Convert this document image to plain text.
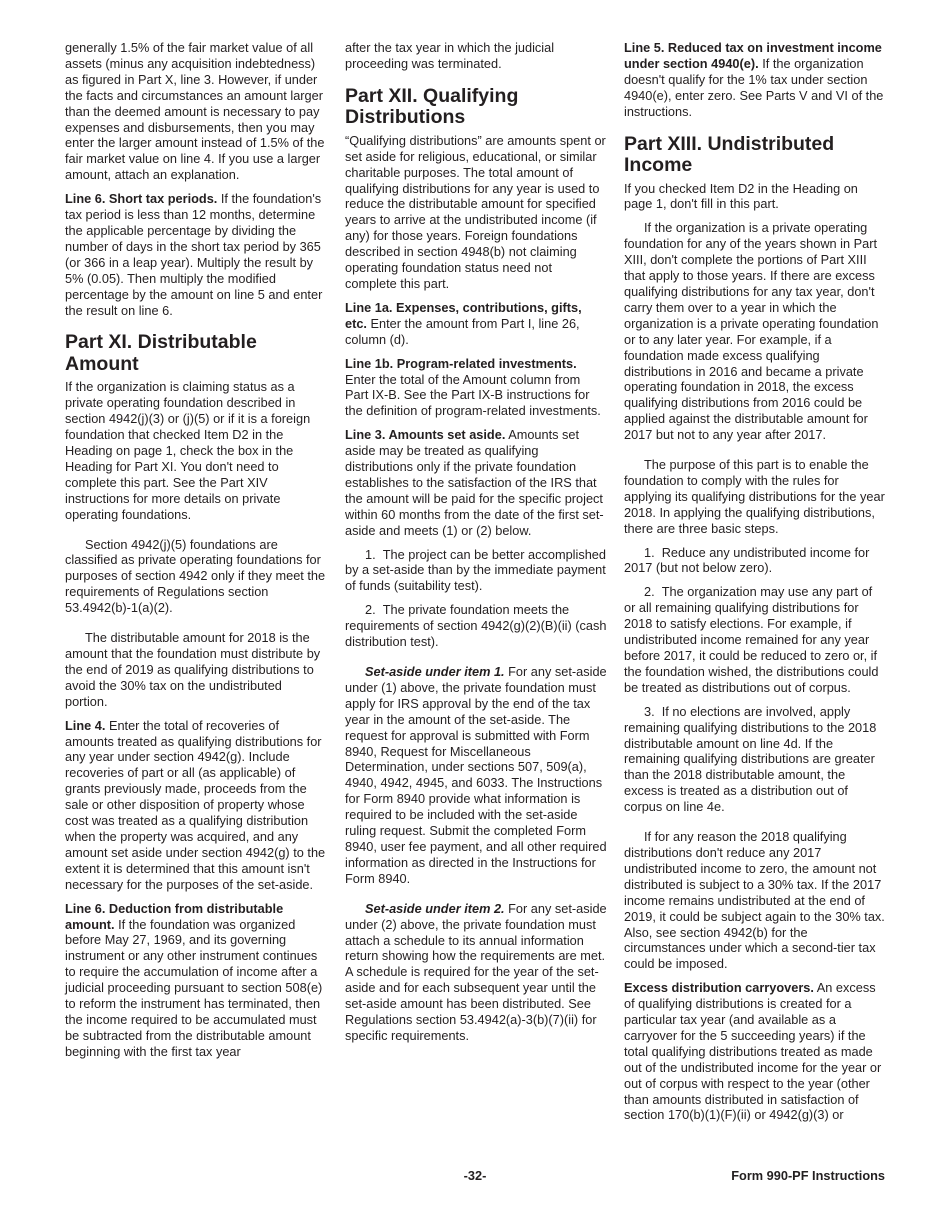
generally 1.5% of the fair market value of all assets (minus any acquisition indebtedness) as figured in Part X, line 3. However, if under the facts and circumstances an amount larger than the deemed amount is necessary to pay expenses and disbursements, then you may enter the larger amount instead of 1.5% of the fair market value on line 4. If you use a larger amount, attach an explanation.

Line 6. Short tax periods. If the foundation's tax period is less than 12 months, determine the applicable percentage by dividing the number of days in the short tax period by 365 (or 366 in a leap year). Multiply the result by 5% (0.05). Then multiply the modified percentage by the amount on line 5 and enter the result on line 6.

Part XI. Distributable Amount

If the organization is claiming status as a private operating foundation described in section 4942(j)(3) or (j)(5) or if it is a foreign foundation that checked Item D2 in the Heading on page 1, check the box in the Heading for Part XI. You don't need to complete this part. See the Part XIV instructions for more details on private operating foundations.

Section 4942(j)(5) foundations are classified as private operating foundations for purposes of section 4942 only if they meet the requirements of Regulations section 53.4942(b)-1(a)(2).

The distributable amount for 2018 is the amount that the foundation must distribute by the end of 2019 as qualifying distributions to avoid the 30% tax on the undistributed portion.

Line 4. Enter the total of recoveries of amounts treated as qualifying distributions for any year under section 4942(g). Include recoveries of part or all (as applicable) of grants previously made, proceeds from the sale or other disposition of property whose cost was treated as a qualifying distribution when the property was acquired, and any amount set aside under section 4942(g) to the extent it is determined that this amount isn't necessary for the purposes of the set-aside.

Line 6. Deduction from distributable amount. If the foundation was organized before May 27, 1969, and its governing instrument or any other instrument continues to require the accumulation of income after a judicial proceeding pursuant to section 508(e) to reform the instrument has terminated, then the income required to be accumulated must be subtracted from the distributable amount beginning with the first tax year

after the tax year in which the judicial proceeding was terminated.

Part XII. Qualifying Distributions

“Qualifying distributions” are amounts spent or set aside for religious, educational, or similar charitable purposes. The total amount of qualifying distributions for any year is used to reduce the distributable amount for specified years to arrive at the undistributed income (if any) for those years. Foreign foundations described in section 4948(b) not claiming operating foundation status need not complete this part.

Line 1a. Expenses, contributions, gifts, etc. Enter the amount from Part I, line 26, column (d).

Line 1b. Program-related investments. Enter the total of the Amount column from Part IX-B. See the Part IX-B instructions for the definition of program-related investments.

Line 3. Amounts set aside. Amounts set aside may be treated as qualifying distributions only if the private foundation establishes to the satisfaction of the IRS that the amount will be paid for the specific project within 60 months from the date of the first set-aside and meets (1) or (2) below.

1.  The project can be better accomplished by a set-aside than by the immediate payment of funds (suitability test).

2.  The private foundation meets the requirements of section 4942(g)(2)(B)(ii) (cash distribution test).

Set-aside under item 1. For any set-aside under (1) above, the private foundation must apply for IRS approval by the end of the tax year in the amount of the set-aside. The request for approval is submitted with Form 8940, Request for Miscellaneous Determination, under sections 507, 509(a), 4940, 4942, 4945, and 6033. The Instructions for Form 8940 provide what information is required to be included with the set-aside ruling request. Submit the completed Form 8940, user fee payment, and all other required information as directed in the Instructions for Form 8940.

Set-aside under item 2. For any set-aside under (2) above, the private foundation must attach a schedule to its annual information return showing how the requirements are met. A schedule is required for the year of the set-aside and for each subsequent year until the set-aside amount has been distributed. See Regulations section 53.4942(a)-3(b)(7)(ii) for specific requirements.

Line 5. Reduced tax on investment income under section 4940(e). If the organization doesn't qualify for the 1% tax under section 4940(e), enter zero. See Parts V and VI of the instructions.

Part XIII. Undistributed Income

If you checked Item D2 in the Heading on page 1, don't fill in this part.

If the organization is a private operating foundation for any of the years shown in Part XIII, don't complete the portions of Part XIII that apply to those years. If there are excess qualifying distributions for any tax year, don't carry them over to a year in which the organization is a private operating foundation or to any later year. For example, if a foundation made excess qualifying distributions in 2016 and became a private operating foundation in 2018, the excess qualifying distributions from 2016 could be applied against the distributable amount for 2017 but not to any year after 2017.

The purpose of this part is to enable the foundation to comply with the rules for applying its qualifying distributions for the year 2018. In applying the qualifying distributions, there are three basic steps.

1.  Reduce any undistributed income for 2017 (but not below zero).

2.  The organization may use any part of or all remaining qualifying distributions for 2018 to satisfy elections. For example, if undistributed income remained for any year before 2017, it could be reduced to zero or, if the foundation wished, the distributions could be treated as distributions out of corpus.

3.  If no elections are involved, apply remaining qualifying distributions to the 2018 distributable amount on line 4d. If the remaining qualifying distributions are greater than the 2018 distributable amount, the excess is treated as a distribution out of corpus on line 4e.

If for any reason the 2018 qualifying distributions don't reduce any 2017 undistributed income to zero, the amount not distributed is subject to a 30% tax. If the 2017 income remains undistributed at the end of 2019, it could be subject again to the 30% tax. Also, see section 4942(b) for the circumstances under which a second-tier tax could be imposed.

Excess distribution carryovers. An excess of qualifying distributions is created for a particular tax year (and available as a carryover for the 5 succeeding years) if the total qualifying distributions treated as made out of the undistributed income for the year or out of corpus with respect to the year (other than amounts distributed in satisfaction of section 170(b)(1)(F)(ii) or 4942(g)(3) or

-32-	Form 990-PF Instructions
